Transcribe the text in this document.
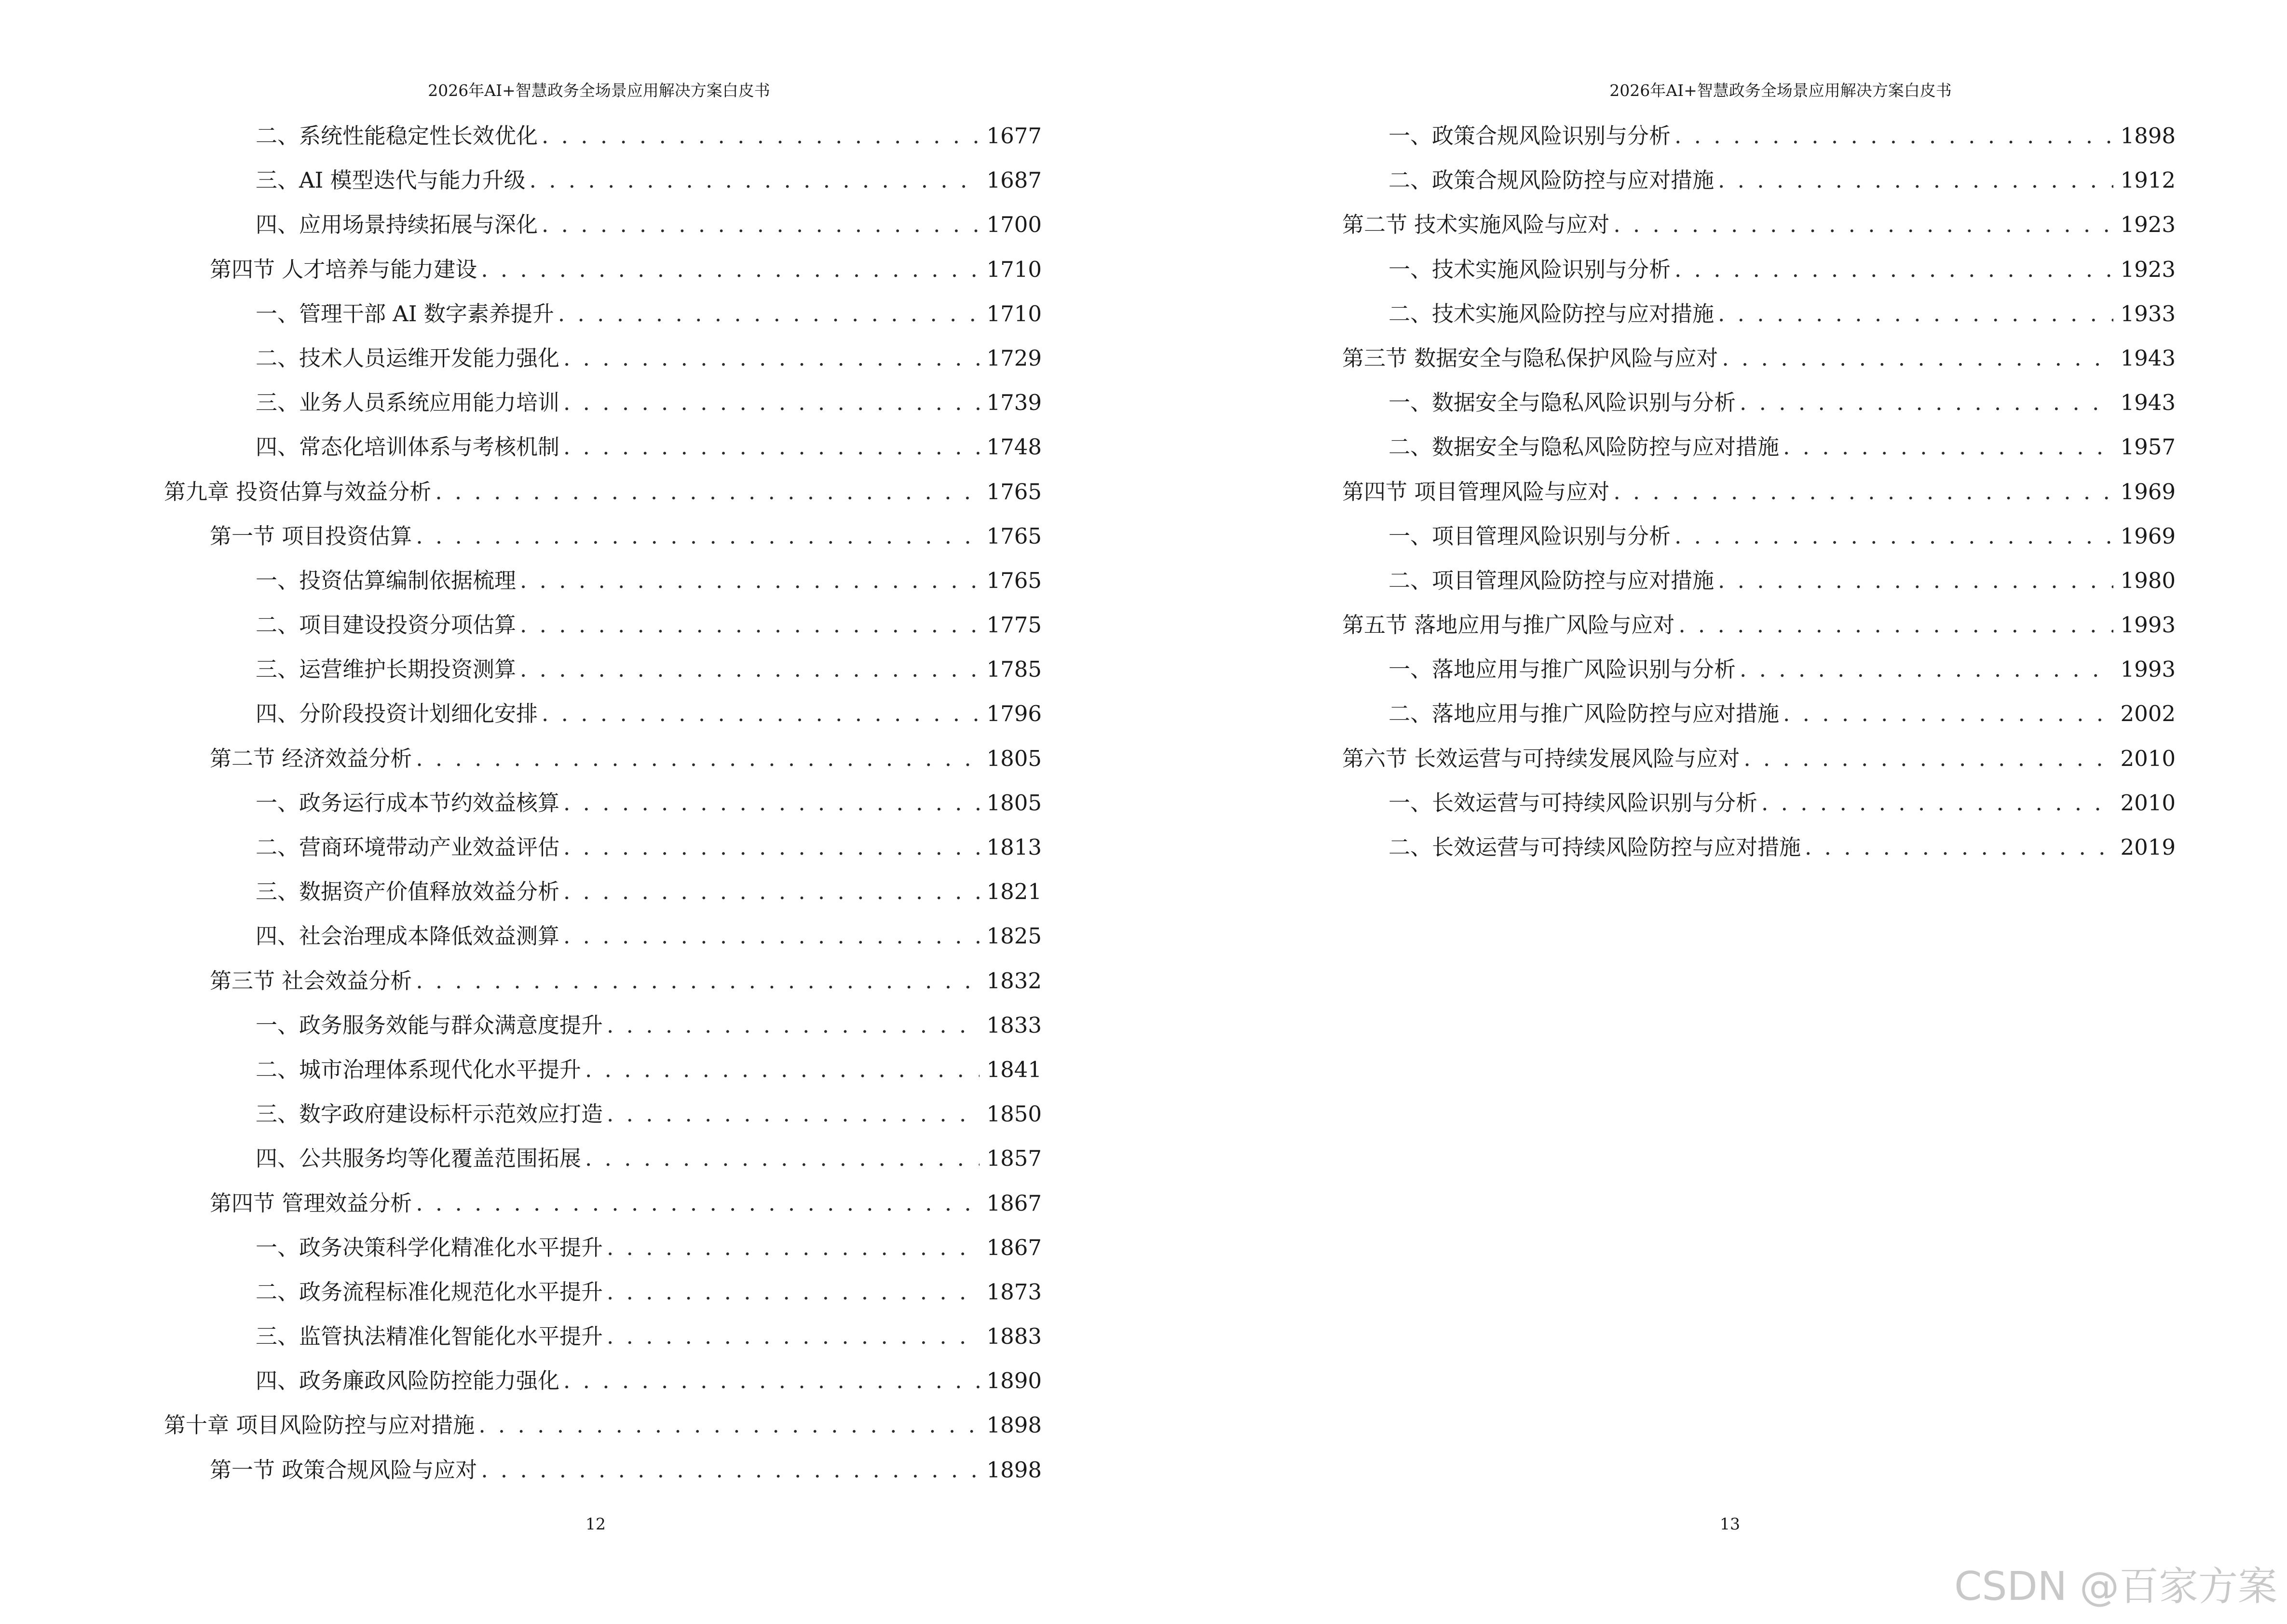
2026年AI+智慧政务全场景应用解决方案白皮书
二、系统性能稳定性长效优化 . . .	1677
三、AI 模型迭代与能力升级 . . .	1687
四、应用场景持续拓展与深化 . . .	1700
第四节 人才培养与能力建设 . . .	1710
一、管理干部 AI 数字素养提升 . . .	1710
二、技术人员运维开发能力强化 . . .	1729
三、业务人员系统应用能力培训 . . .	1739
四、常态化培训体系与考核机制 . . .	1748
第九章 投资估算与效益分析 . . .	1765
第一节 项目投资估算 . . .	1765
一、投资估算编制依据梳理 . . .	1765
二、项目建设投资分项估算 . . .	1775
三、运营维护长期投资测算 . . .	1785
四、分阶段投资计划细化安排 . . .	1796
第二节 经济效益分析 . . .	1805
一、政务运行成本节约效益核算 . . .	1805
二、营商环境带动产业效益评估 . . .	1813
三、数据资产价值释放效益分析 . . .	1821
四、社会治理成本降低效益测算 . . .	1825
第三节 社会效益分析 . . .	1832
一、政务服务效能与群众满意度提升 . . .	1833
二、城市治理体系现代化水平提升 . . .	1841
三、数字政府建设标杆示范效应打造 . . .	1850
四、公共服务均等化覆盖范围拓展 . . .	1857
第四节 管理效益分析 . . .	1867
一、政务决策科学化精准化水平提升 . . .	1867
二、政务流程标准化规范化水平提升 . . .	1873
三、监管执法精准化智能化水平提升 . . .	1883
四、政务廉政风险防控能力强化 . . .	1890
第十章 项目风险防控与应对措施 . . .	1898
第一节 政策合规风险与应对 . . .	1898
12
2026年AI+智慧政务全场景应用解决方案白皮书
一、政策合规风险识别与分析 . . .	1898
二、政策合规风险防控与应对措施 . . .	1912
第二节 技术实施风险与应对 . . .	1923
一、技术实施风险识别与分析 . . .	1923
二、技术实施风险防控与应对措施 . . .	1933
第三节 数据安全与隐私保护风险与应对 . . .	1943
一、数据安全与隐私风险识别与分析 . . .	1943
二、数据安全与隐私风险防控与应对措施 . . .	1957
第四节 项目管理风险与应对 . . .	1969
一、项目管理风险识别与分析 . . .	1969
二、项目管理风险防控与应对措施 . . .	1980
第五节 落地应用与推广风险与应对 . . .	1993
一、落地应用与推广风险识别与分析 . . .	1993
二、落地应用与推广风险防控与应对措施 . . .	2002
第六节 长效运营与可持续发展风险与应对 . . .	2010
一、长效运营与可持续风险识别与分析 . . .	2010
二、长效运营与可持续风险防控与应对措施 . . .	2019
13
CSDN @百家方案
